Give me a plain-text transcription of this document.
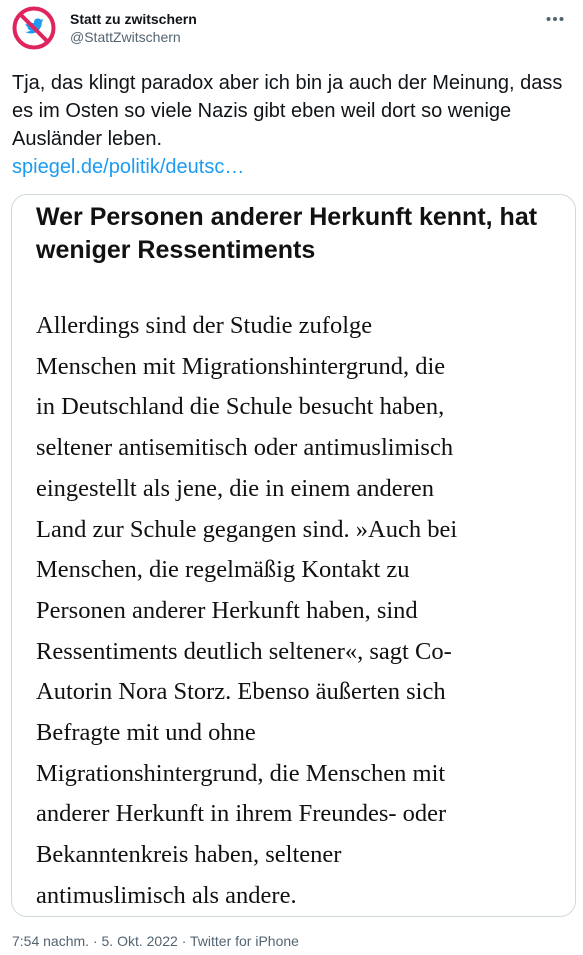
Statt zu zwitschern
@StattZwitschern

Tja, das klingt paradox aber ich bin ja auch der Meinung, dass es im Osten so viele Nazis gibt eben weil dort so wenige Ausländer leben.

spiegel.de/politik/deutsc…
Wer Personen anderer Herkunft kennt, hat weniger Ressentiments
Allerdings sind der Studie zufolge
Menschen mit Migrationshintergrund, die
in Deutschland die Schule besucht haben,
seltener antisemitisch oder antimuslimisch
eingestellt als jene, die in einem anderen
Land zur Schule gegangen sind. »Auch bei
Menschen, die regelmäßig Kontakt zu
Personen anderer Herkunft haben, sind
Ressentiments deutlich seltener«, sagt Co-
Autorin Nora Storz. Ebenso äußerten sich
Befragte mit und ohne
Migrationshintergrund, die Menschen mit
anderer Herkunft in ihrem Freundes- oder
Bekanntenkreis haben, seltener
antimuslimisch als andere.
7:54 nachm. · 5. Okt. 2022 · Twitter for iPhone
